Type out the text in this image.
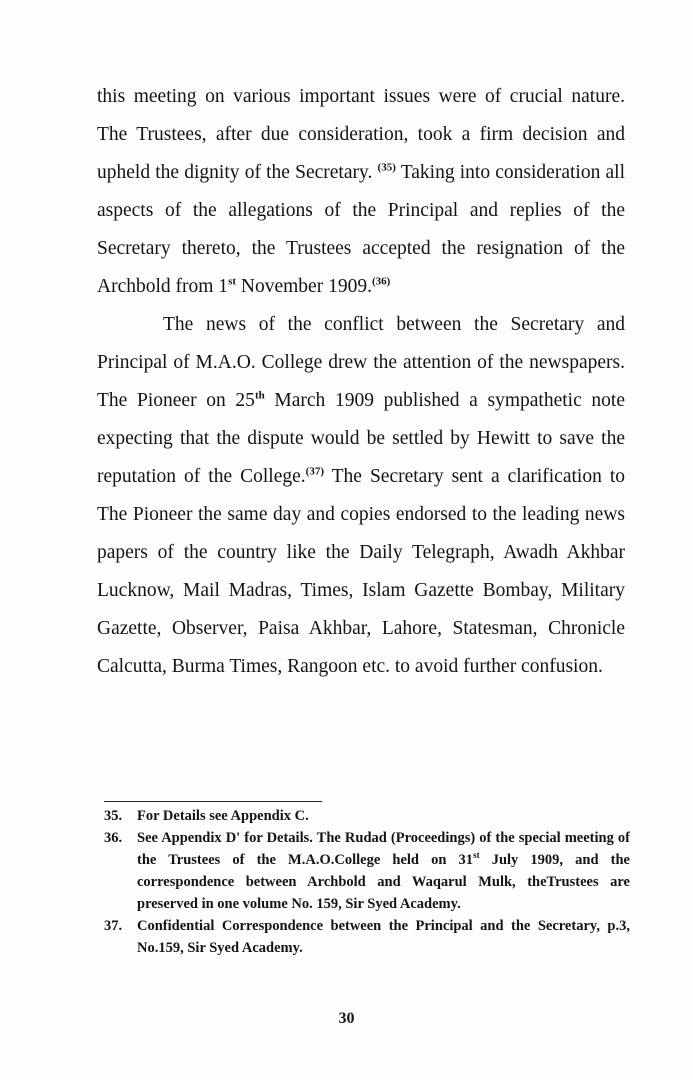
this meeting on various important issues were of crucial nature. The Trustees, after due consideration, took a firm decision and upheld the dignity of the Secretary. $^{(35)}$ Taking into consideration all aspects of the allegations of the Principal and replies of the Secretary thereto, the Trustees accepted the resignation of the Archbold from 1st November 1909.$^{(36)}$

The news of the conflict between the Secretary and Principal of M.A.O. College drew the attention of the newspapers. The Pioneer on 25th March 1909 published a sympathetic note expecting that the dispute would be settled by Hewitt to save the reputation of the College.$^{(37)}$ The Secretary sent a clarification to The Pioneer the same day and copies endorsed to the leading news papers of the country like the Daily Telegraph, Awadh Akhbar Lucknow, Mail Madras, Times, Islam Gazette Bombay, Military Gazette, Observer, Paisa Akhbar, Lahore, Statesman, Chronicle Calcutta, Burma Times, Rangoon etc. to avoid further confusion.

35.	For Details see Appendix C.
36.	See Appendix D' for Details. The Rudad (Proceedings) of the special meeting of the Trustees of the M.A.O.College held on 31st July 1909, and the correspondence between Archbold and Waqarul Mulk, theTrustees are preserved in one volume No. 159, Sir Syed Academy.
37.	Confidential Correspondence between the Principal and the Secretary, p.3, No.159, Sir Syed Academy.
30
